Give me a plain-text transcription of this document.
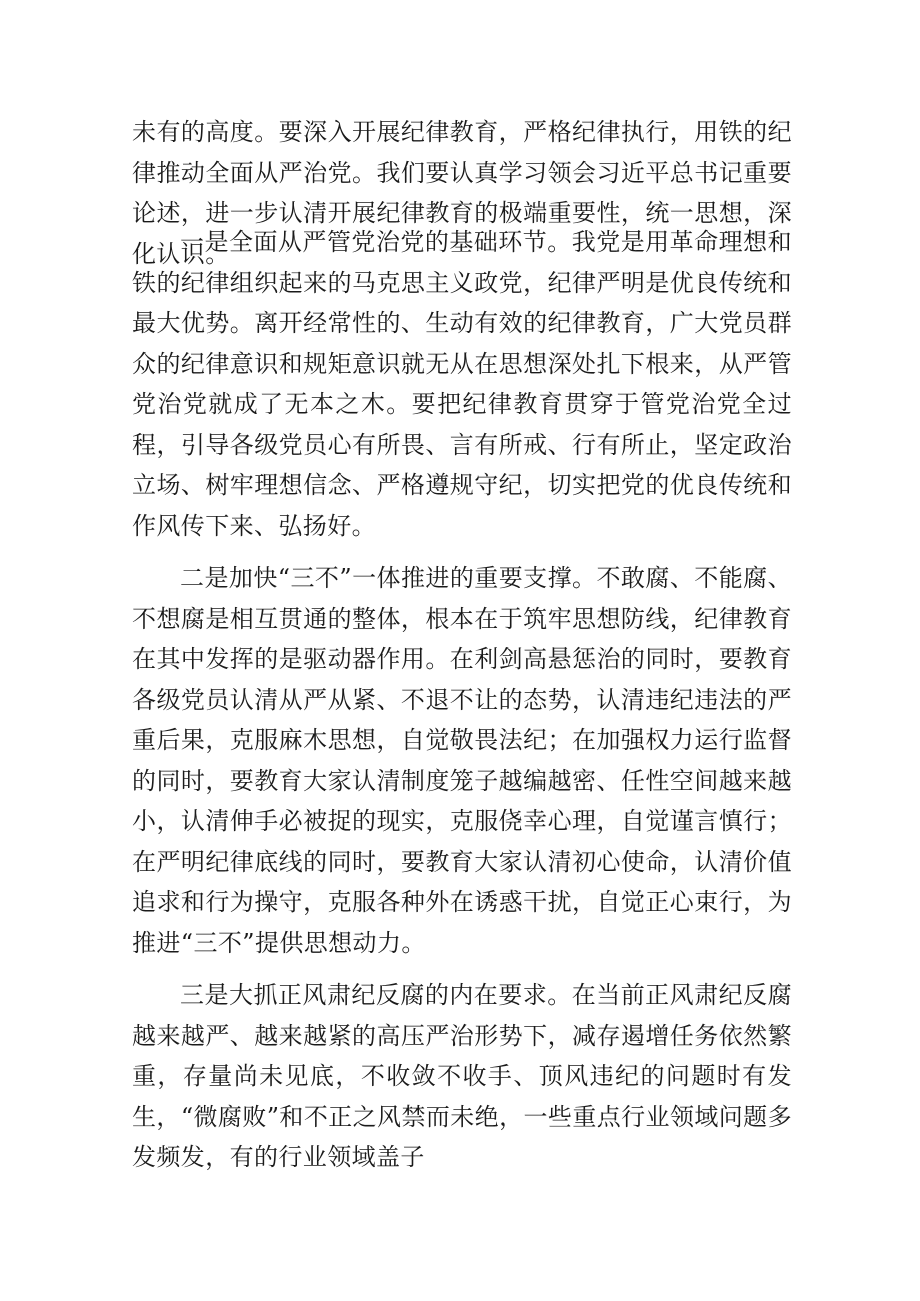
未有的高度。要深入开展纪律教育，严格纪律执行，用铁的纪律推动全面从严治党。我们要认真学习领会习近平总书记重要论述，进一步认清开展纪律教育的极端重要性，统一思想，深化认识。
一是全面从严管党治党的基础环节。我党是用革命理想和铁的纪律组织起来的马克思主义政党，纪律严明是优良传统和最大优势。离开经常性的、生动有效的纪律教育，广大党员群众的纪律意识和规矩意识就无从在思想深处扎下根来，从严管党治党就成了无本之木。要把纪律教育贯穿于管党治党全过程，引导各级党员心有所畏、言有所戒、行有所止，坚定政治立场、树牢理想信念、严格遵规守纪，切实把党的优良传统和作风传下来、弘扬好。
二是加快“三不”一体推进的重要支撑。不敢腐、不能腐、不想腐是相互贯通的整体，根本在于筑牢思想防线，纪律教育在其中发挥的是驱动器作用。在利剑高悬惩治的同时，要教育各级党员认清从严从紧、不退不让的态势，认清违纪违法的严重后果，克服麻木思想，自觉敬畏法纪；在加强权力运行监督的同时，要教育大家认清制度笼子越编越密、任性空间越来越小，认清伸手必被捉的现实，克服侥幸心理，自觉谨言慎行；在严明纪律底线的同时，要教育大家认清初心使命，认清价值追求和行为操守，克服各种外在诱惑干扰，自觉正心束行，为推进“三不”提供思想动力。
三是大抓正风肃纪反腐的内在要求。在当前正风肃纪反腐越来越严、越来越紧的高压严治形势下，减存遏增任务依然繁重，存量尚未见底，不收敛不收手、顶风违纪的问题时有发生，“微腐败”和不正之风禁而未绝，一些重点行业领域问题多发频发，有的行业领域盖子
